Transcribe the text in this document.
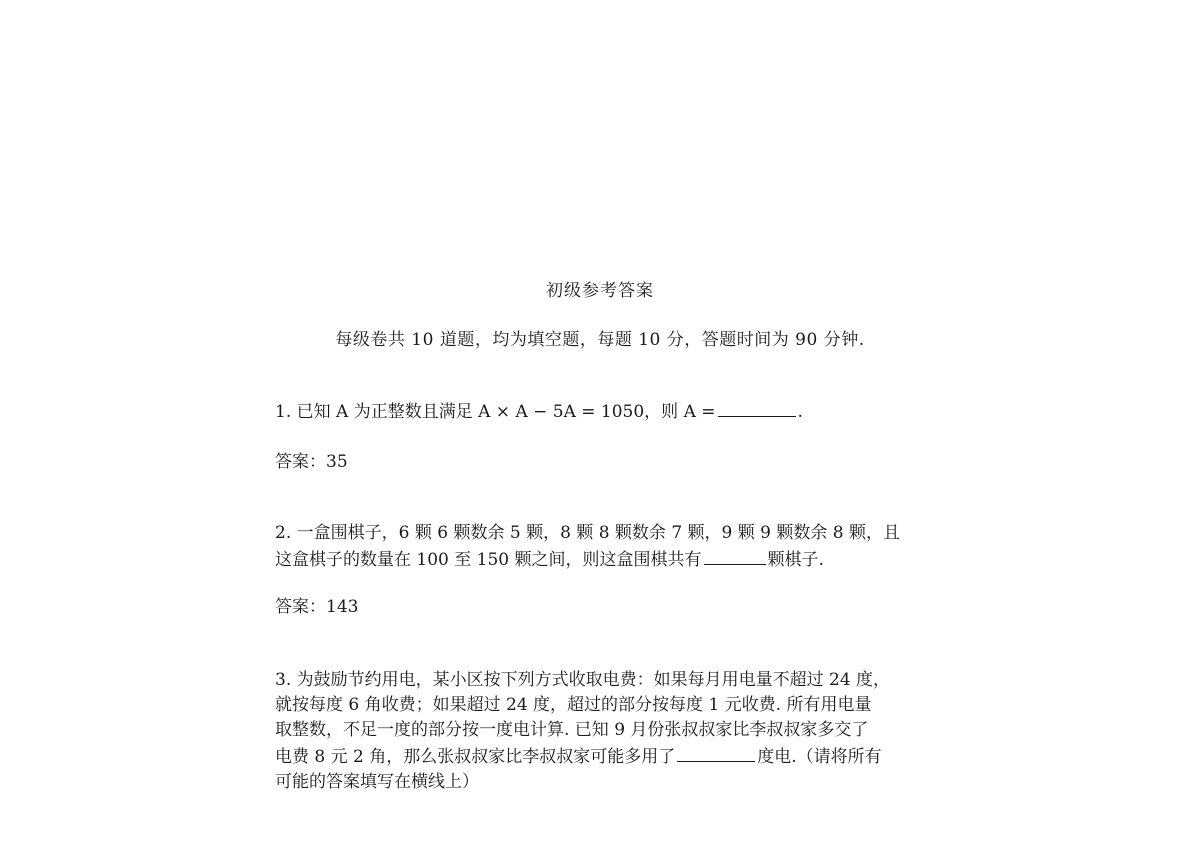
初级参考答案
每级卷共 10 道题，均为填空题，每题 10 分，答题时间为 90 分钟.
1. 已知 A 为正整数且满足 A × A − 5A = 1050，则 A =	.
答案：35
2. 一盒围棋子，6 颗 6 颗数余 5 颗，8 颗 8 颗数余 7 颗，9 颗 9 颗数余 8 颗，且
这盒棋子的数量在 100 至 150 颗之间，则这盒围棋共有	颗棋子.
答案：143
3. 为鼓励节约用电，某小区按下列方式收取电费：如果每月用电量不超过 24 度，
就按每度 6 角收费；如果超过 24 度，超过的部分按每度 1 元收费. 所有用电量
取整数，不足一度的部分按一度电计算. 已知 9 月份张叔叔家比李叔叔家多交了
电费 8 元 2 角，那么张叔叔家比李叔叔家可能多用了	度电.（请将所有
可能的答案填写在横线上）
